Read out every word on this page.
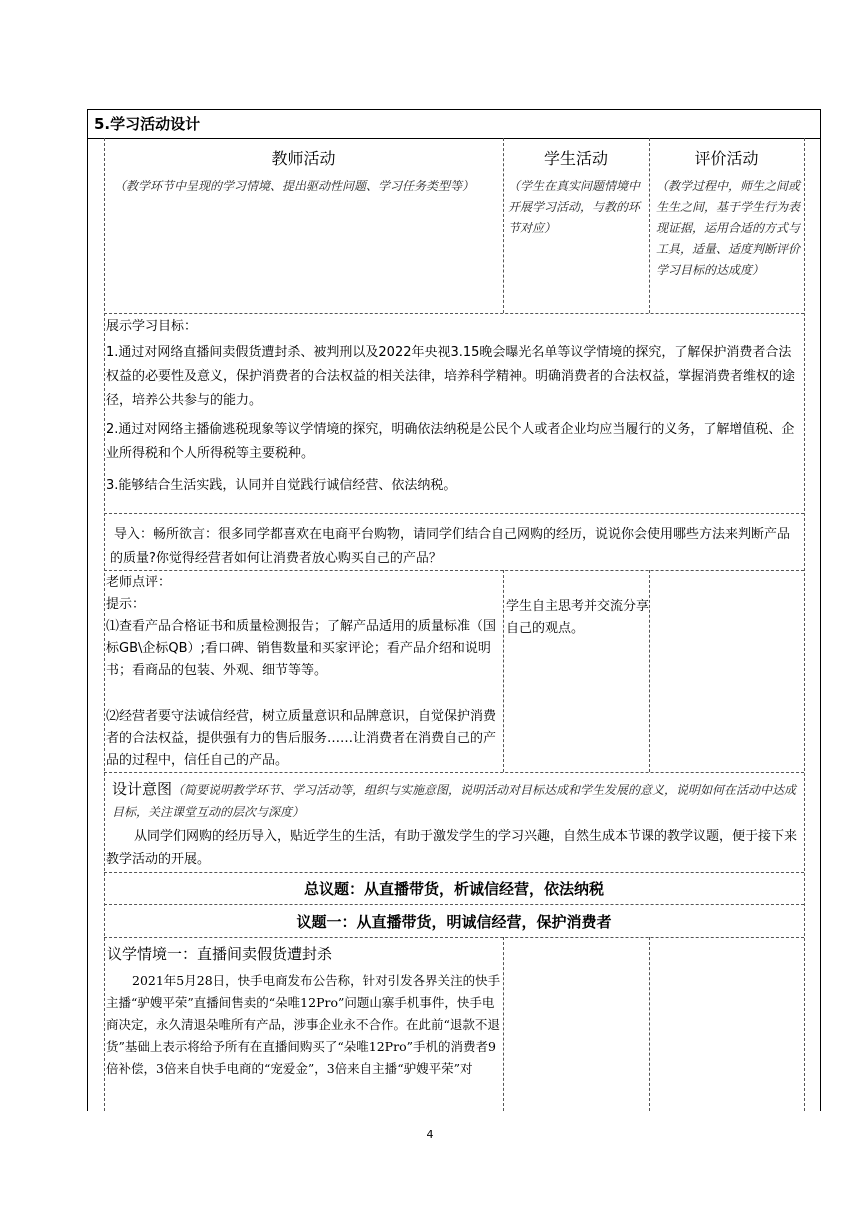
5.学习活动设计
教师活动
（教学环节中呈现的学习情境、提出驱动性问题、学习任务类型等）
学生活动
（学生在真实问题情境中开展学习活动，与教的环节对应）
评价活动
（教学过程中，师生之间或生生之间，基于学生行为表现证据，运用合适的方式与工具，适量、适度判断评价学习目标的达成度）
展示学习目标：
1.通过对网络直播间卖假货遭封杀、被判刑以及2022年央视3.15晚会曝光名单等议学情境的探究，了解保护消费者合法权益的必要性及意义，保护消费者的合法权益的相关法律，培养科学精神。明确消费者的合法权益，掌握消费者维权的途径，培养公共参与的能力。
2.通过对网络主播偷逃税现象等议学情境的探究，明确依法纳税是公民个人或者企业均应当履行的义务，了解增值税、企业所得税和个人所得税等主要税种。
3.能够结合生活实践，认同并自觉践行诚信经营、依法纳税。
导入：畅所欲言：很多同学都喜欢在电商平台购物，请同学们结合自己网购的经历，说说你会使用哪些方法来判断产品的质量?你觉得经营者如何让消费者放心购买自己的产品？
老师点评：
提示：
⑴查看产品合格证书和质量检测报告；了解产品适用的质量标准（国标GB\企标QB）;看口碑、销售数量和买家评论；看产品介绍和说明书；看商品的包装、外观、细节等等。
⑵经营者要守法诚信经营，树立质量意识和品牌意识，自觉保护消费者的合法权益，提供强有力的售后服务……让消费者在消费自己的产品的过程中，信任自己的产品。
学生自主思考并交流分享自己的观点。
设计意图（简要说明教学环节、学习活动等，组织与实施意图，说明活动对目标达成和学生发展的意义，说明如何在活动中达成目标，关注课堂互动的层次与深度）
从同学们网购的经历导入，贴近学生的生活，有助于激发学生的学习兴趣，自然生成本节课的教学议题，便于接下来教学活动的开展。
总议题：从直播带货，析诚信经营，依法纳税
议题一：从直播带货，明诚信经营，保护消费者
议学情境一：直播间卖假货遭封杀
2021年5月28日，快手电商发布公告称，针对引发各界关注的快手主播“驴嫂平荣”直播间售卖的“朵唯12Pro”问题山寨手机事件，快手电商决定，永久清退朵唯所有产品，涉事企业永不合作。在此前“退款不退货”基础上表示将给予所有在直播间购买了“朵唯12Pro”手机的消费者9倍补偿，3倍来自快手电商的“宠爱金”，3倍来自主播“驴嫂平荣”对
4
